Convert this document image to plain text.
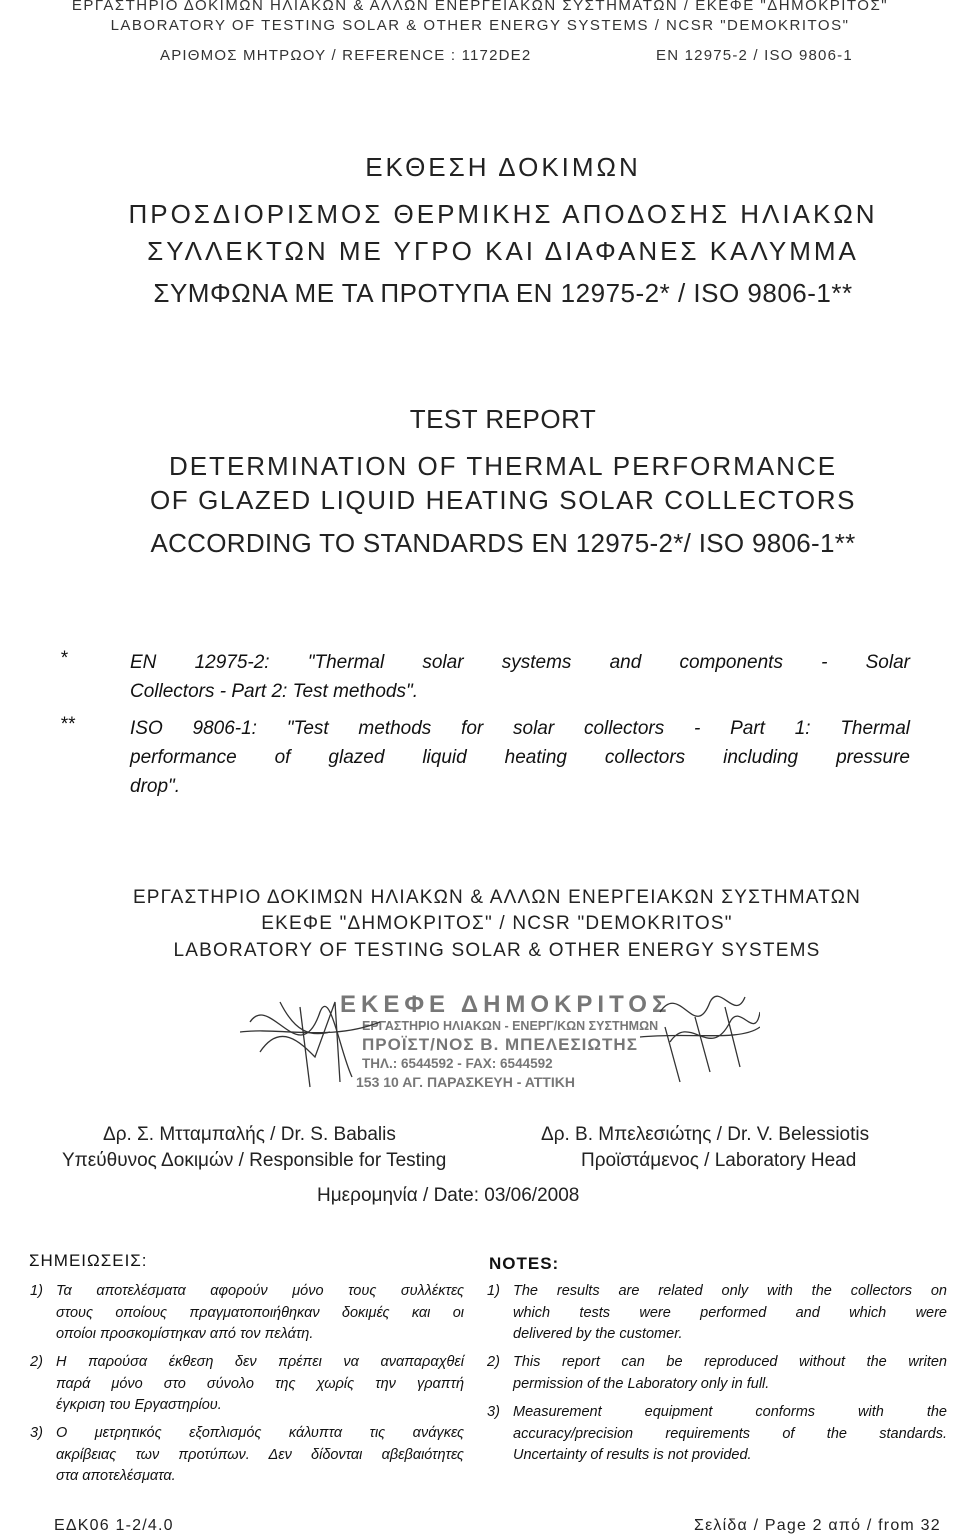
ΕΡΓΑΣΤΗΡΙΟ ΔΟΚΙΜΩΝ ΗΛΙΑΚΩΝ & ΑΛΛΩΝ ΕΝΕΡΓΕΙΑΚΩΝ ΣΥΣΤΗΜΑΤΩΝ / ΕΚΕΦΕ "ΔΗΜΟΚΡΙΤΟΣ"
LABORATORY OF TESTING SOLAR & OTHER ENERGY SYSTEMS / NCSR "DEMOKRITOS"
ΑΡΙΘΜΟΣ ΜΗΤΡΩΟΥ / REFERENCE : 1172DE2	EN 12975-2 / ISO 9806-1
ΕΚΘΕΣΗ ΔΟΚΙΜΩΝ
ΠΡΟΣΔΙΟΡΙΣΜΟΣ ΘΕΡΜΙΚΗΣ ΑΠΟΔΟΣΗΣ ΗΛΙΑΚΩΝ
ΣΥΛΛΕΚΤΩΝ ΜΕ ΥΓΡΟ ΚΑΙ ΔΙΑΦΑΝΕΣ ΚΑΛΥΜΜΑ
ΣΥΜΦΩΝΑ ΜΕ ΤΑ ΠΡΟΤΥΠΑ EN 12975-2* / ISO 9806-1**
TEST REPORT
DETERMINATION OF THERMAL PERFORMANCE
OF GLAZED LIQUID HEATING SOLAR COLLECTORS
ACCORDING TO STANDARDS EN 12975-2*/ ISO 9806-1**
*	EN 12975-2: "Thermal solar systems and components - Solar
Collectors - Part 2: Test methods".
**	ISO 9806-1: "Test methods for solar collectors - Part 1: Thermal
performance of glazed liquid heating collectors including pressure
drop".
ΕΡΓΑΣΤΗΡΙΟ ΔΟΚΙΜΩΝ ΗΛΙΑΚΩΝ & ΑΛΛΩΝ ΕΝΕΡΓΕΙΑΚΩΝ ΣΥΣΤΗΜΑΤΩΝ
ΕΚΕΦΕ "ΔΗΜΟΚΡΙΤΟΣ" / NCSR "DEMOKRITOS"
LABORATORY OF TESTING SOLAR & OTHER ENERGY SYSTEMS
ΕΚΕΦΕ ΔΗΜΟΚΡΙΤΟΣ
ΕΡΓΑΣΤΗΡΙΟ ΗΛΙΑΚΩΝ - ΕΝΕΡΓ/ΚΩΝ ΣΥΣΤΗΜΩΝ
ΠΡΟΪΣΤ/ΝΟΣ Β. ΜΠΕΛΕΣΙΩΤΗΣ
ΤΗΛ.: 6544592 - FAX: 6544592
153 10 ΑΓ. ΠΑΡΑΣΚΕΥΗ - ΑΤΤΙΚΗ
Δρ. Σ. Μτταμπαλής / Dr. S. Babalis
Υπεύθυνος Δοκιμών / Responsible for Testing
Δρ. Β. Μπελεσιώτης / Dr. V. Belessiotis
Προϊστάμενος / Laboratory Head
Ημερομηνία / Date: 03/06/2008
ΣΗΜΕΙΩΣΕΙΣ:
1) Τα αποτελέσματα αφορούν μόνο τους συλλέκτες
στους οποίους πραγματοποιήθηκαν δοκιμές και οι
οποίοι προσκομίστηκαν από τον πελάτη.
2) Η παρούσα έκθεση δεν πρέπει να αναπαραχθεί
παρά μόνο στο σύνολο της χωρίς την γραπτή
έγκριση του Εργαστηρίου.
3) Ο μετρητικός εξοπλισμός κάλυπτα τις ανάγκες
ακρίβειας των προτύπων. Δεν δίδονται αβεβαιότητες
στα αποτελέσματα.
NOTES:
1) The results are related only with the collectors on
which tests were performed and which were
delivered by the customer.
2) This report can be reproduced without the writen
permission of the Laboratory only in full.
3) Measurement equipment conforms with the
accuracy/precision requirements of the standards.
Uncertainty of results is not provided.
ΕΔΚ06 1-2/4.0	Σελίδα / Page 2 από / from 32
